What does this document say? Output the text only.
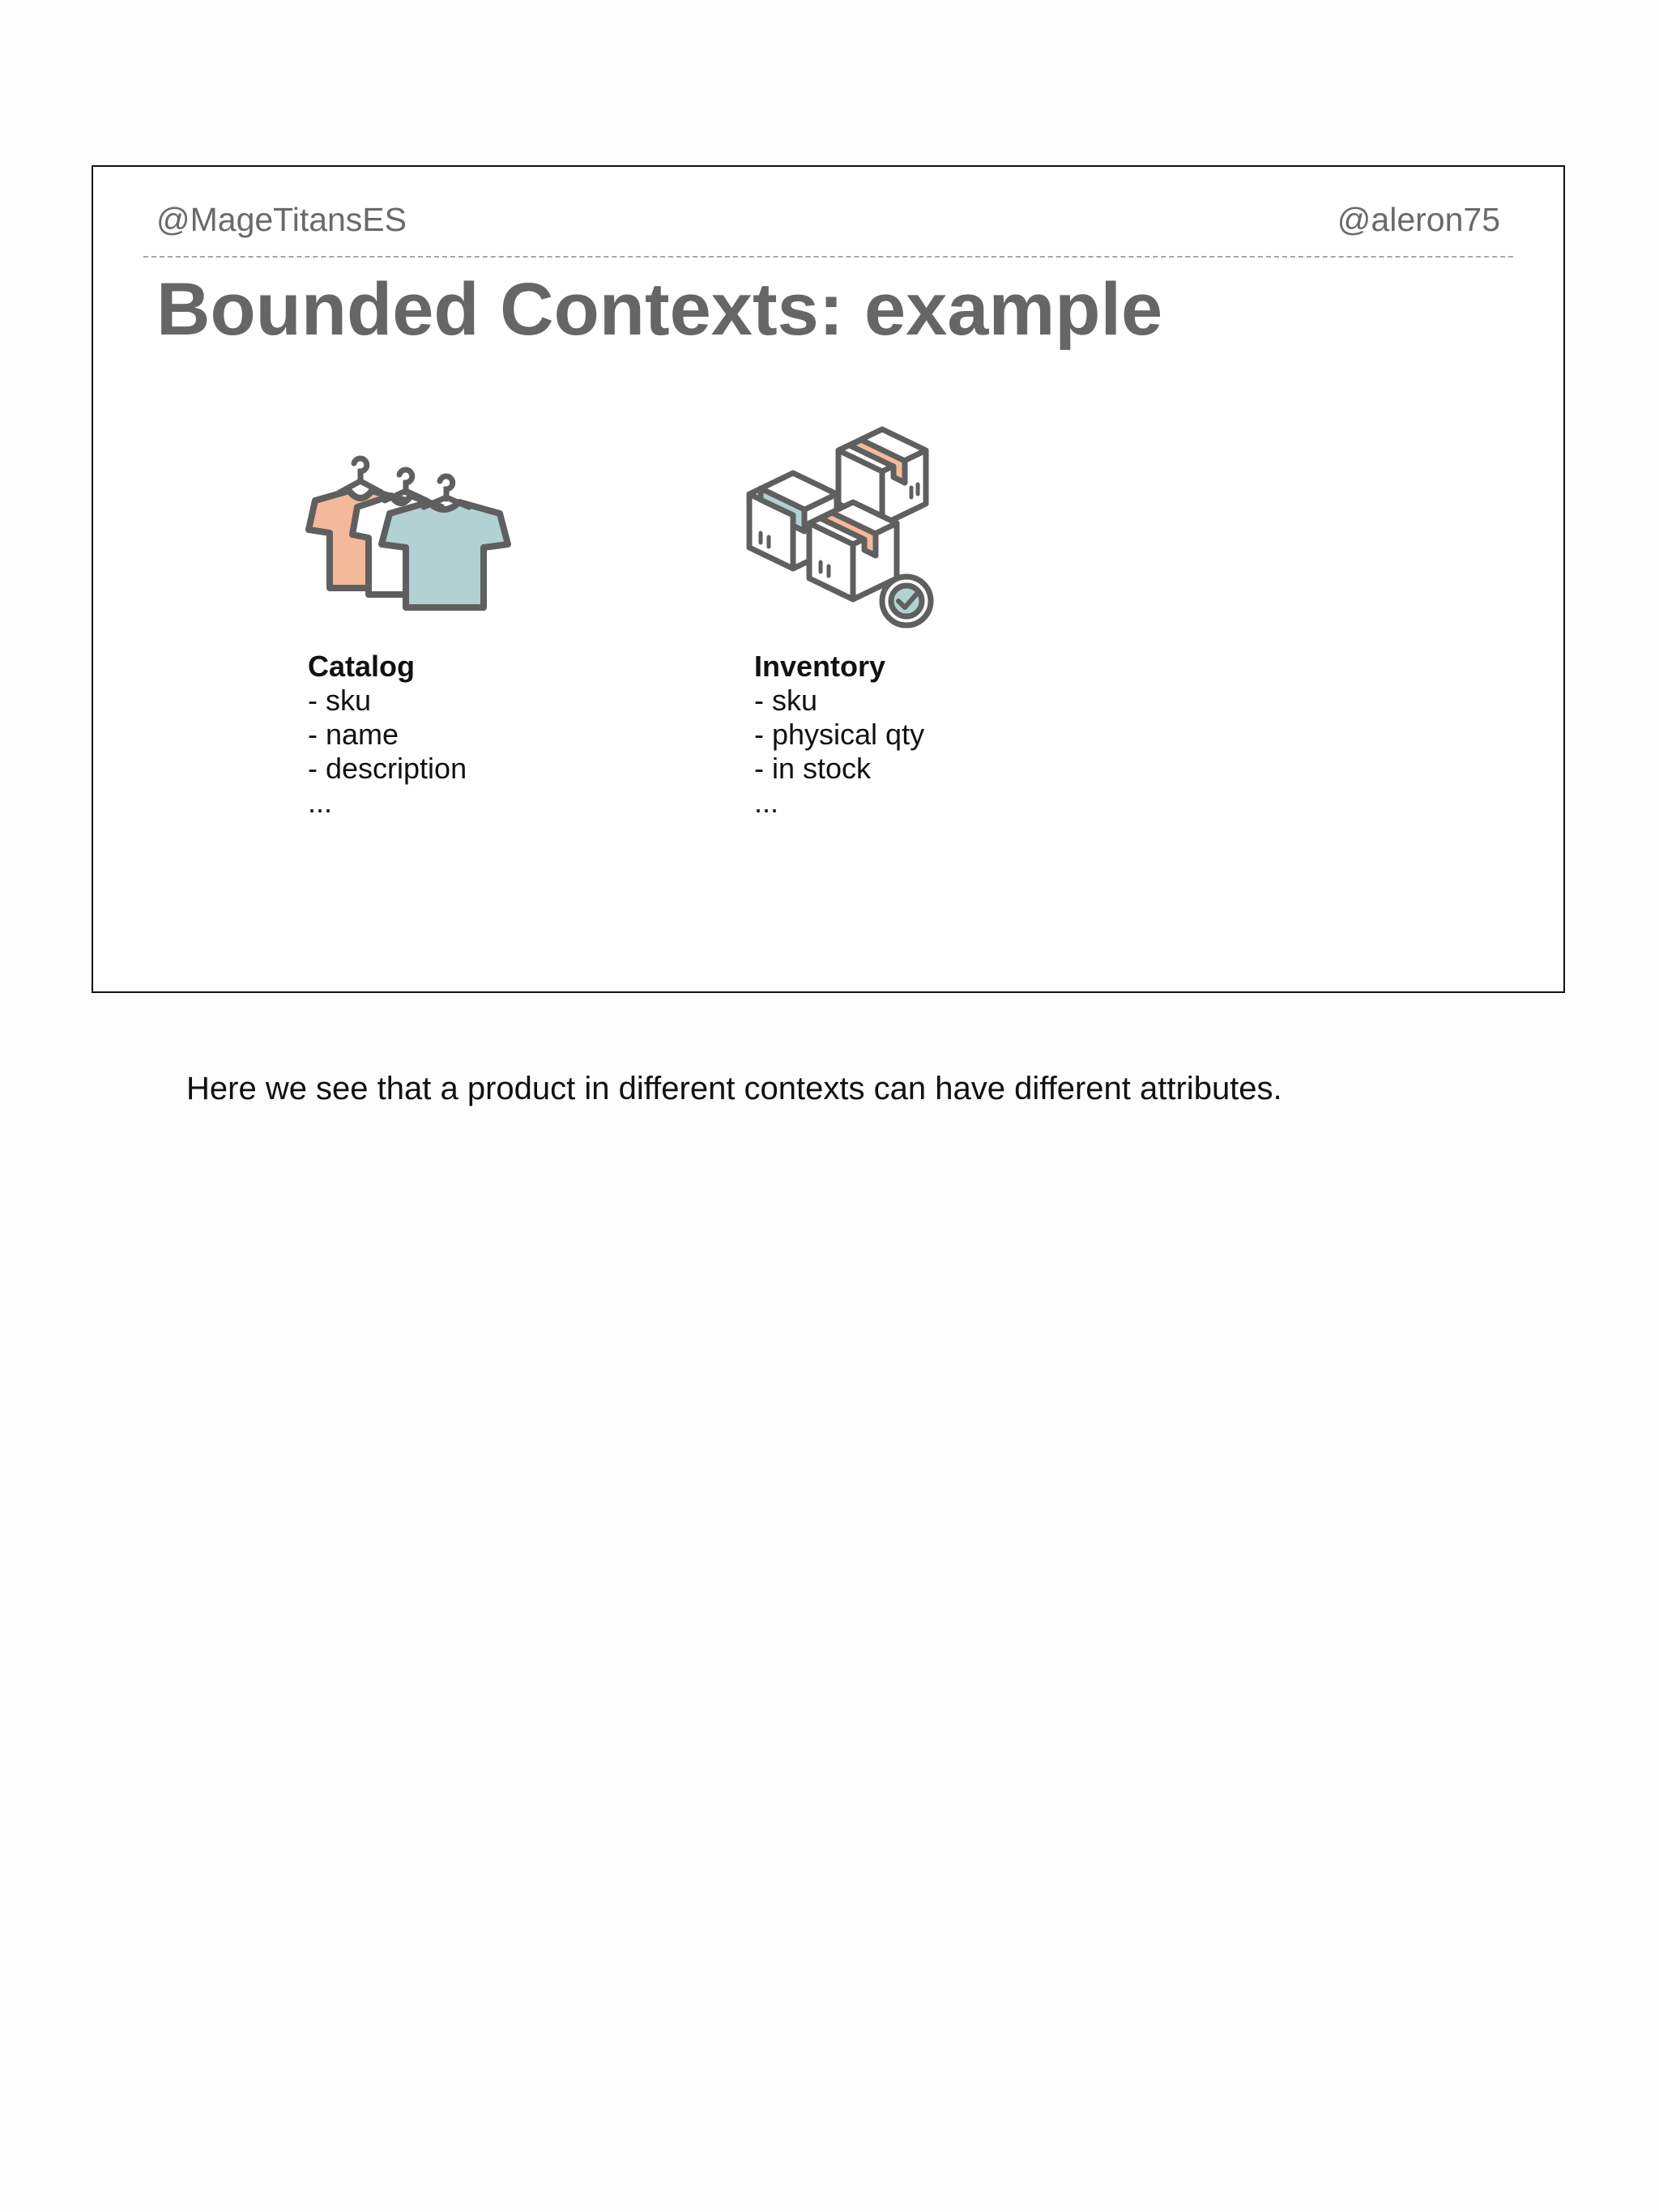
@MageTitansES	@aleron75
Bounded Contexts: example
Catalog
- sku
- name
- description
...
Inventory
- sku
- physical qty
- in stock
...
Here we see that a product in different contexts can have different attributes.
